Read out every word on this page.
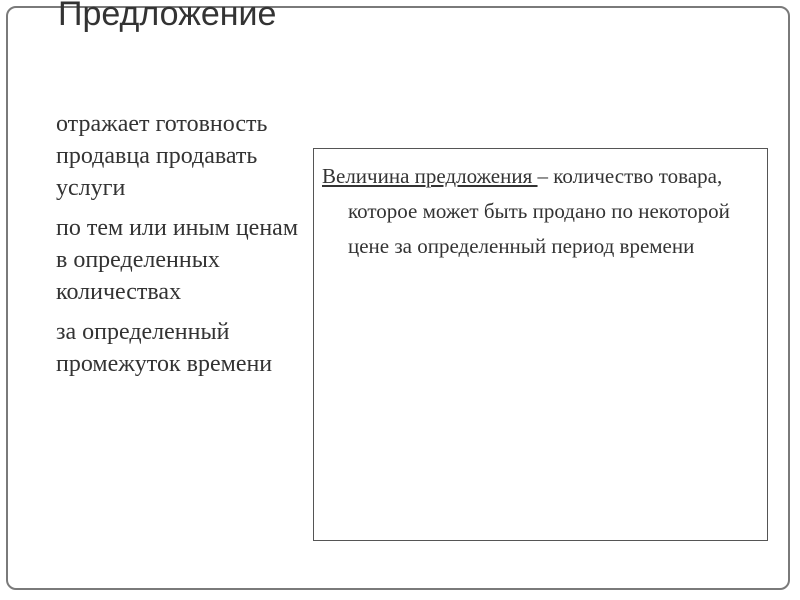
Предложение
отражает готовность продавца продавать услуги
по тем или иным ценам в определенных количествах
за определенный промежуток времени

Величина предложения – количество товара, которое может быть продано по некоторой цене за определенный период времени
